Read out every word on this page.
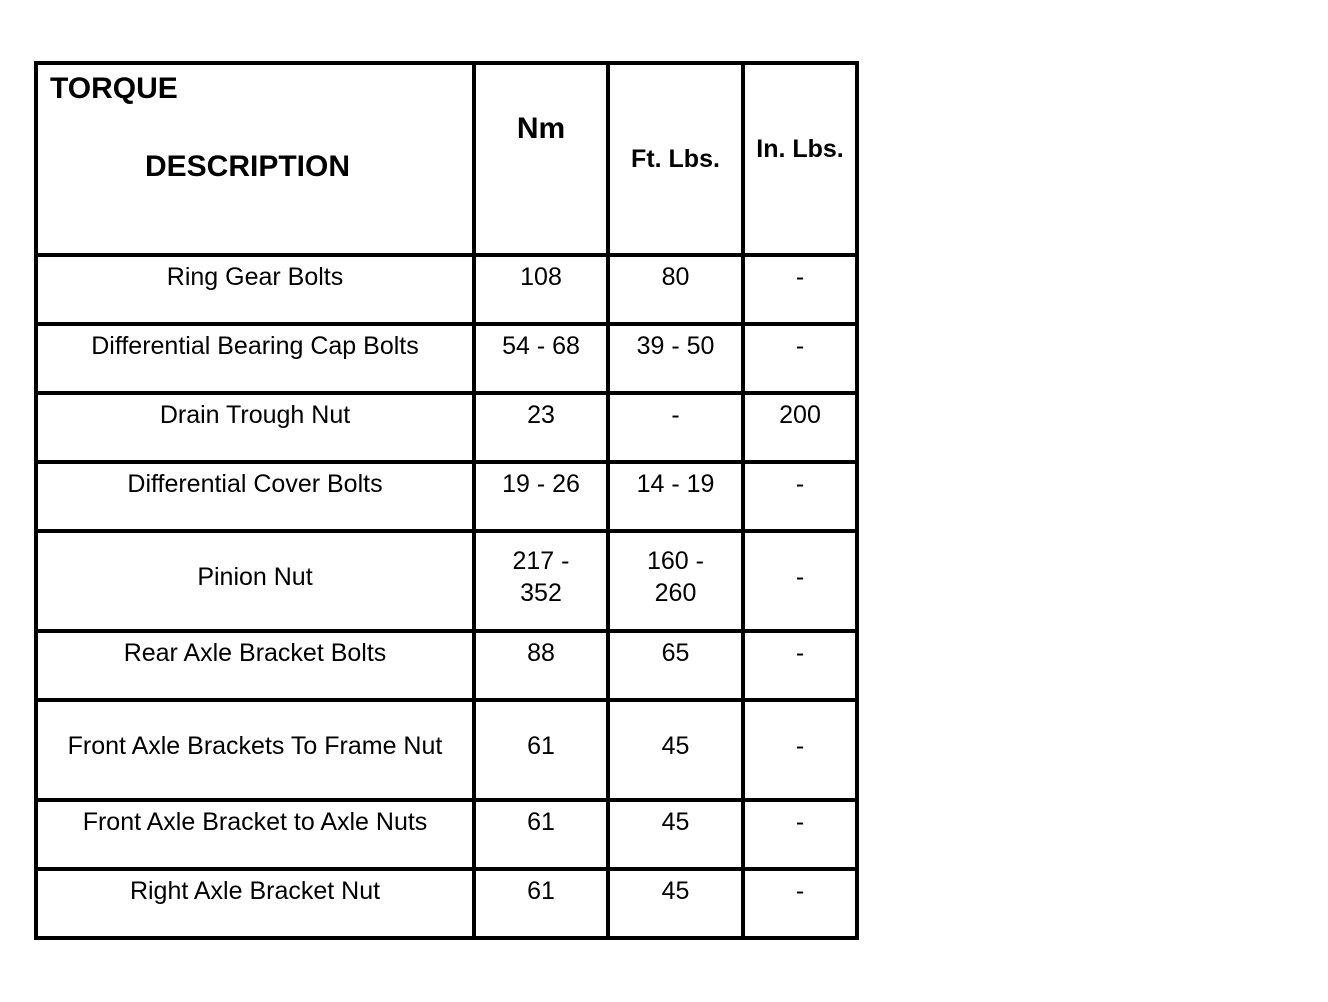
TORQUE
DESCRIPTION	Nm	Ft. Lbs.	In. Lbs.
Ring Gear Bolts	108	80	-
Differential Bearing Cap Bolts	54 - 68	39 - 50	-
Drain Trough Nut	23	-	200
Differential Cover Bolts	19 - 26	14 - 19	-
Pinion Nut	217 - 352	160 - 260	-
Rear Axle Bracket Bolts	88	65	-
Front Axle Brackets To Frame Nut	61	45	-
Front Axle Bracket to Axle Nuts	61	45	-
Right Axle Bracket Nut	61	45	-
